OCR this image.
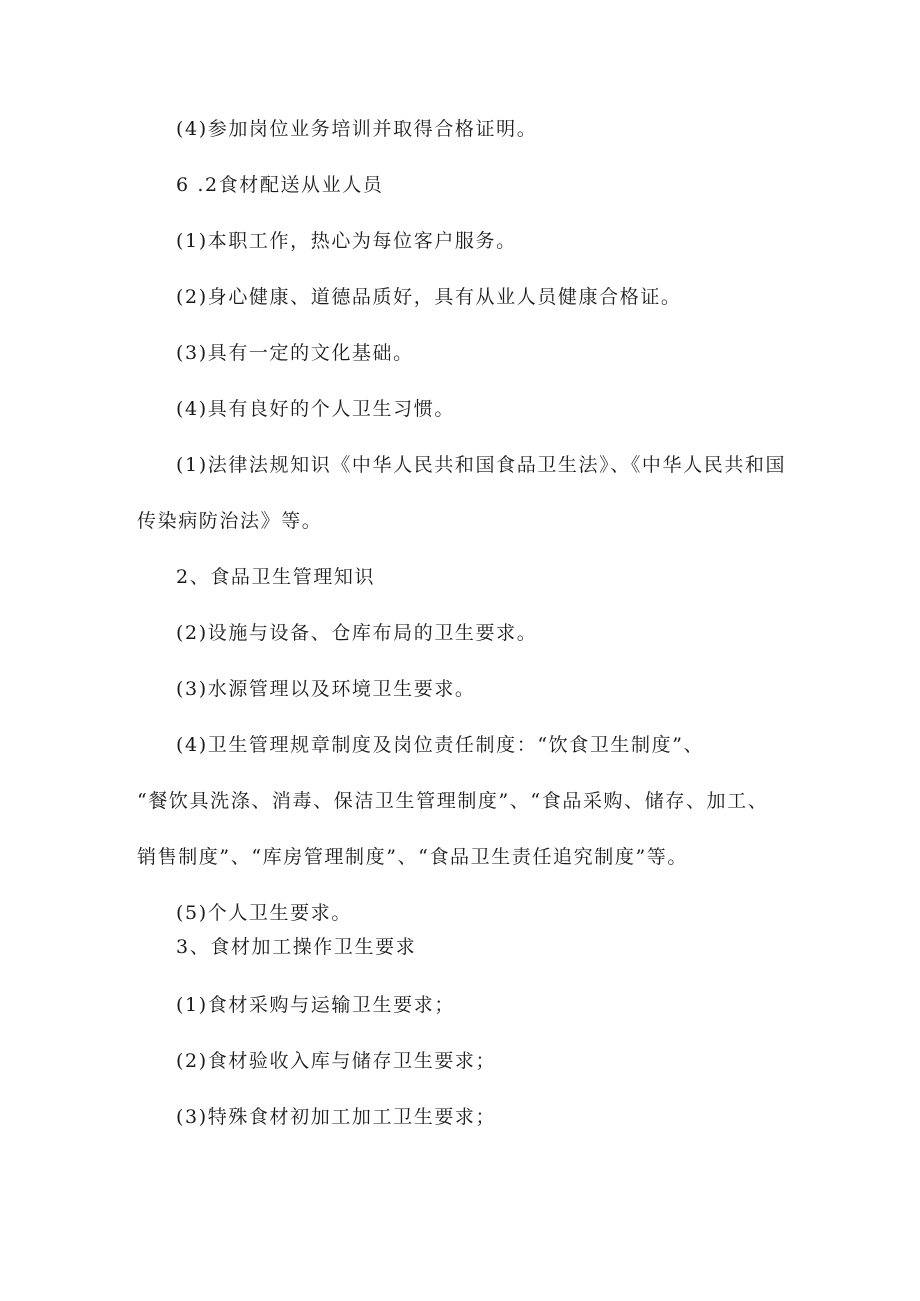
(4)参加岗位业务培训并取得合格证明。
6 .2食材配送从业人员
(1)本职工作，热心为每位客户服务。
(2)身心健康、道德品质好，具有从业人员健康合格证。
(3)具有一定的文化基础。
(4)具有良好的个人卫生习惯。
(1)法律法规知识《中华人民共和国食品卫生法》、《中华人民共和国
传染病防治法》等。
2、食品卫生管理知识
(2)设施与设备、仓库布局的卫生要求。
(3)水源管理以及环境卫生要求。
(4)卫生管理规章制度及岗位责任制度：“饮食卫生制度”、
“餐饮具洗涤、消毒、保洁卫生管理制度”、“食品采购、储存、加工、
销售制度”、“库房管理制度”、“食品卫生责任追究制度”等。
(5)个人卫生要求。
3、食材加工操作卫生要求
(1)食材采购与运输卫生要求；
(2)食材验收入库与储存卫生要求；
(3)特殊食材初加工加工卫生要求；
